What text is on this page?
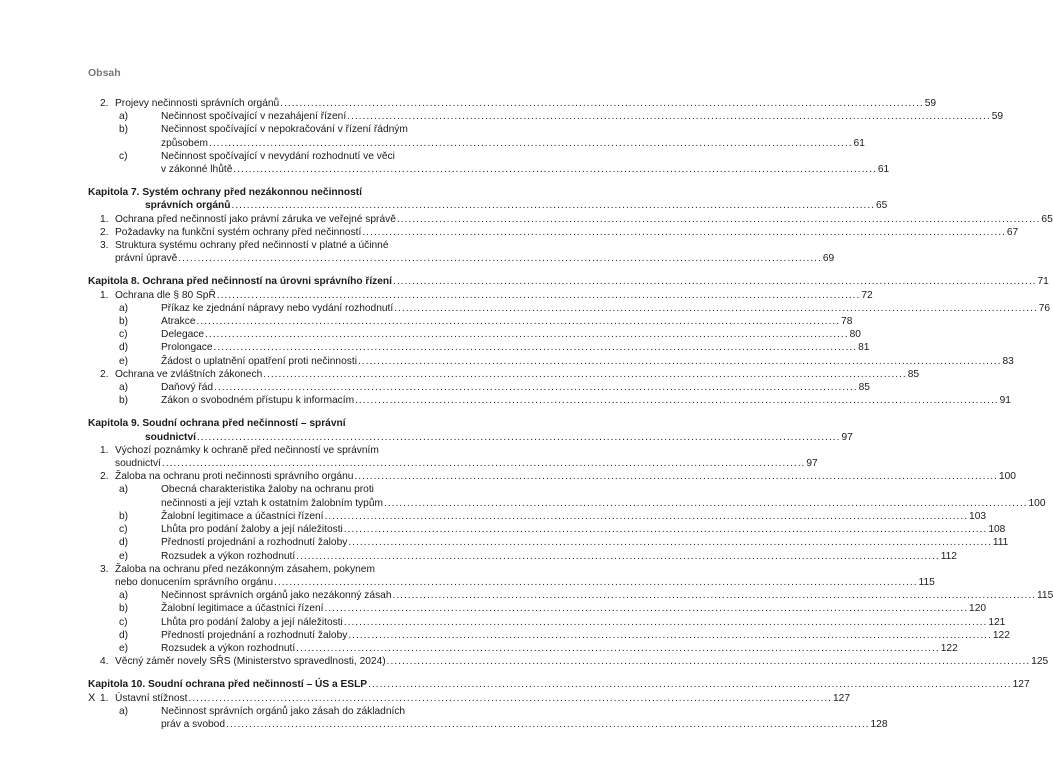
Obsah
2. Projevy nečinnosti správních orgánů .....	59
a)	Nečinnost spočívající v nezahájení řízení .....	59
b)	Nečinnost spočívající v nepokračování v řízení řádným
způsobem .....	61
c)	Nečinnost spočívající v nevydání rozhodnutí ve věci
v zákonné lhůtě .....	61
Kapitola 7. Systém ochrany před nezákonnou nečinností
správních orgánů .....	65
1. Ochrana před nečinností jako právní záruka ve veřejné správě .....	65
2. Požadavky na funkční systém ochrany před nečinností .....	67
3. Struktura systému ochrany před nečinností v platné a účinné
právní úpravě .....	69
Kapitola 8. Ochrana před nečinností na úrovni správního řízení .....	71
1. Ochrana dle § 80 SpŘ .....	72
a)	Příkaz ke zjednání nápravy nebo vydání rozhodnutí .....	76
b)	Atrakce .....	78
c)	Delegace .....	80
d)	Prolongace .....	81
e)	Žádost o uplatnění opatření proti nečinnosti .....	83
2. Ochrana ve zvláštních zákonech .....	85
a)	Daňový řád .....	85
b)	Zákon o svobodném přístupu k informacím .....	91
Kapitola 9. Soudní ochrana před nečinností – správní
soudnictví .....	97
1. Výchozí poznámky k ochraně před nečinností ve správním
soudnictví .....	97
2. Žaloba na ochranu proti nečinnosti správního orgánu .....	100
a)	Obecná charakteristika žaloby na ochranu proti
nečinnosti a její vztah k ostatním žalobním typům .....	100
b)	Žalobní legitimace a účastníci řízení .....	103
c)	Lhůta pro podání žaloby a její náležitosti .....	108
d)	Předností projednání a rozhodnutí žaloby .....	111
e)	Rozsudek a výkon rozhodnutí .....	112
3. Žaloba na ochranu před nezákonným zásahem, pokynem
nebo donucením správního orgánu .....	115
a)	Nečinnost správních orgánů jako nezákonný zásah .....	115
b)	Žalobní legitimace a účastníci řízení .....	120
c)	Lhůta pro podání žaloby a její náležitosti .....	121
d)	Předností projednání a rozhodnutí žaloby .....	122
e)	Rozsudek a výkon rozhodnutí .....	122
4. Věcný záměr novely SŘS (Ministerstvo spravedlnosti, 2024) .....	125
Kapitola 10. Soudní ochrana před nečinností – ÚS a ESLP .....	127
1. Ústavní stížnost .....	127
a)	Nečinnost správních orgánů jako zásah do základních
práv a svobod .....	128
X
